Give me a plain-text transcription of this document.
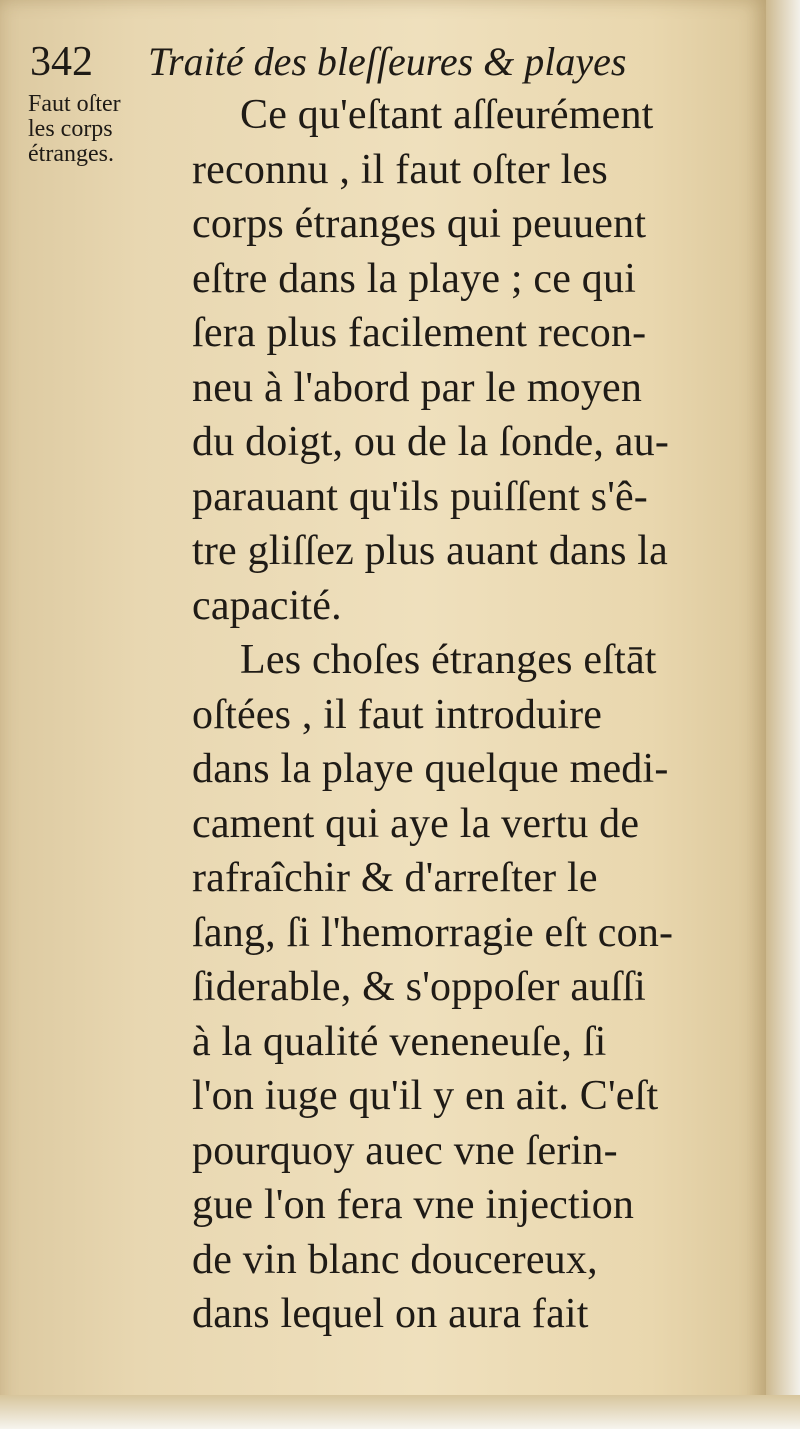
342 Traité des bleſſeures & playes
Faut oſter
les corps
étranges.
Ce qu'eſtant aſſeurément
reconnu , il faut oſter les
corps étranges qui peuuent
eſtre dans la playe ; ce qui
ſera plus facilement recon-
neu à l'abord par le moyen
du doigt, ou de la ſonde, au-
parauant qu'ils puiſſent s'ê-
tre gliſſez plus auant dans la
capacité.
Les choſes étranges eſtāt
oſtées , il faut introduire
dans la playe quelque medi-
cament qui aye la vertu de
rafraîchir & d'arreſter le
ſang, ſi l'hemorragie eſt con-
ſiderable, & s'oppoſer auſſi
à la qualité veneneuſe, ſi
l'on iuge qu'il y en ait. C'eſt
pourquoy auec vne ſerin-
gue l'on fera vne injection
de vin blanc doucereux,
dans lequel on aura fait
